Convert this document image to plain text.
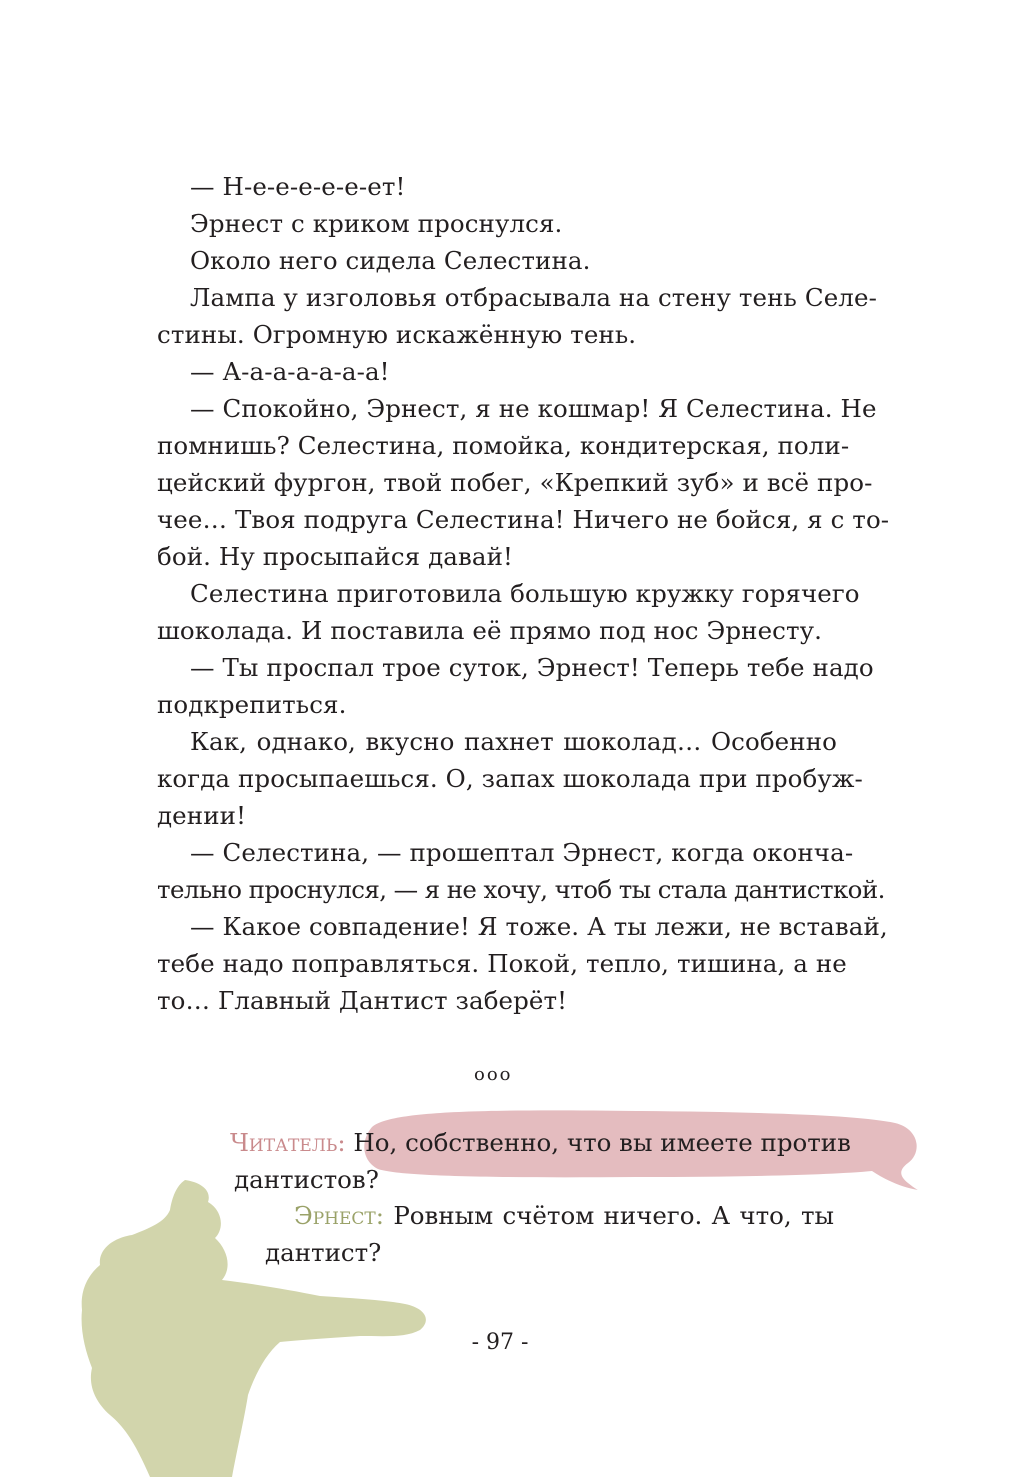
— Н-е-е-е-е-е-ет!
Эрнест с криком проснулся.
Около него сидела Селестина.
Лампа у изголовья отбрасывала на стену тень Селе-
стины. Огромную искажённую тень.
— А-а-а-а-а-а-а!
— Спокойно, Эрнест, я не кошмар! Я Селестина. Не
помнишь? Селестина, помойка, кондитерская, поли-
цейский фургон, твой побег, «Крепкий зуб» и всё про-
чее… Твоя подруга Селестина! Ничего не бойся, я с то-
бой. Ну просыпайся давай!
Селестина приготовила большую кружку горячего
шоколада. И поставила её прямо под нос Эрнесту.
— Ты проспал трое суток, Эрнест! Теперь тебе надо
подкрепиться.
Как, однако, вкусно пахнет шоколад… Особенно
когда просыпаешься. О, запах шоколада при пробуж-
дении!
— Селестина, — прошептал Эрнест, когда оконча-
тельно проснулся, — я не хочу, чтоб ты стала дантисткой.
— Какое совпадение! Я тоже. А ты лежи, не вставай,
тебе надо поправляться. Покой, тепло, тишина, а не
то… Главный Дантист заберёт!
ооо
Читатель: Но, собственно, что вы имеете против
дантистов?
Эрнест: Ровным счётом ничего. А что, ты
дантист?
- 97 -
